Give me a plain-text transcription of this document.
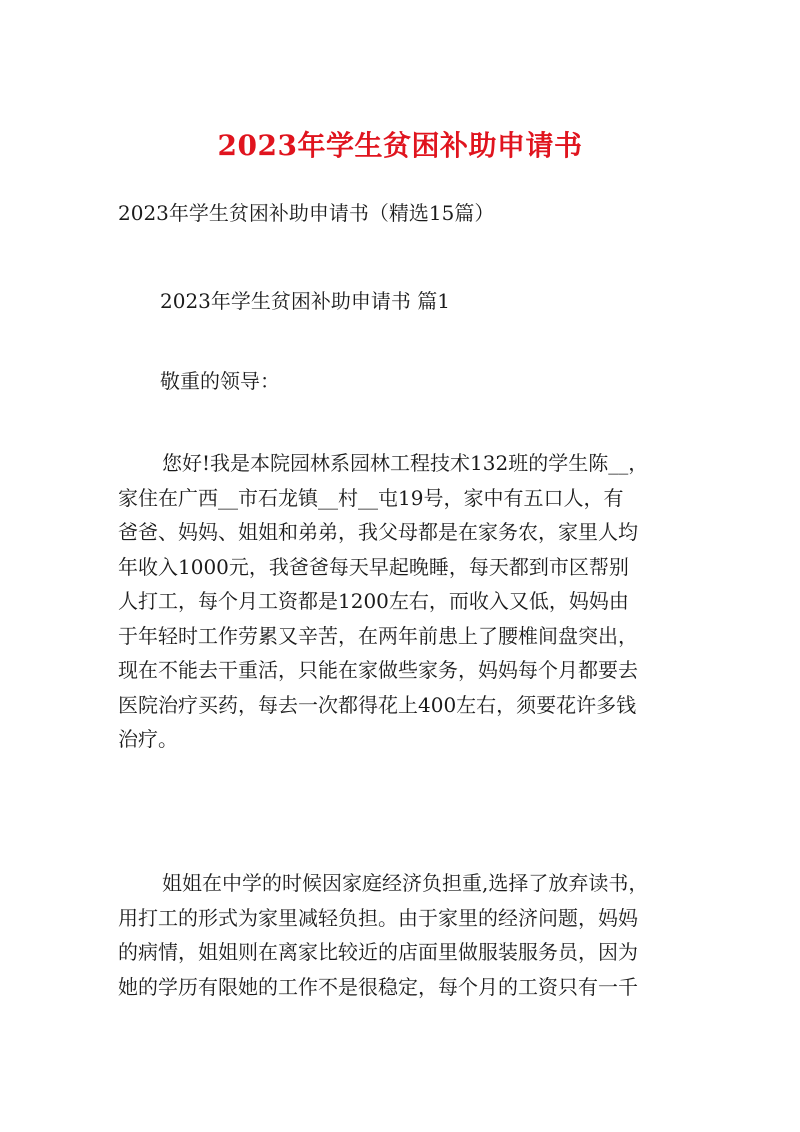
2023年学生贫困补助申请书
2023年学生贫困补助申请书（精选15篇）
2023年学生贫困补助申请书 篇1
敬重的领导：
您好!我是本院园林系园林工程技术132班的学生陈__，
家住在广西__市石龙镇__村__屯19号，家中有五口人，有
爸爸、妈妈、姐姐和弟弟，我父母都是在家务农，家里人均
年收入1000元，我爸爸每天早起晚睡，每天都到市区帮别
人打工，每个月工资都是1200左右，而收入又低，妈妈由
于年轻时工作劳累又辛苦，在两年前患上了腰椎间盘突出，
现在不能去干重活，只能在家做些家务，妈妈每个月都要去
医院治疗买药，每去一次都得花上400左右，须要花许多钱
治疗。
姐姐在中学的时候因家庭经济负担重,选择了放弃读书，
用打工的形式为家里减轻负担。由于家里的经济问题，妈妈
的病情，姐姐则在离家比较近的店面里做服装服务员，因为
她的学历有限她的工作不是很稳定，每个月的工资只有一千
